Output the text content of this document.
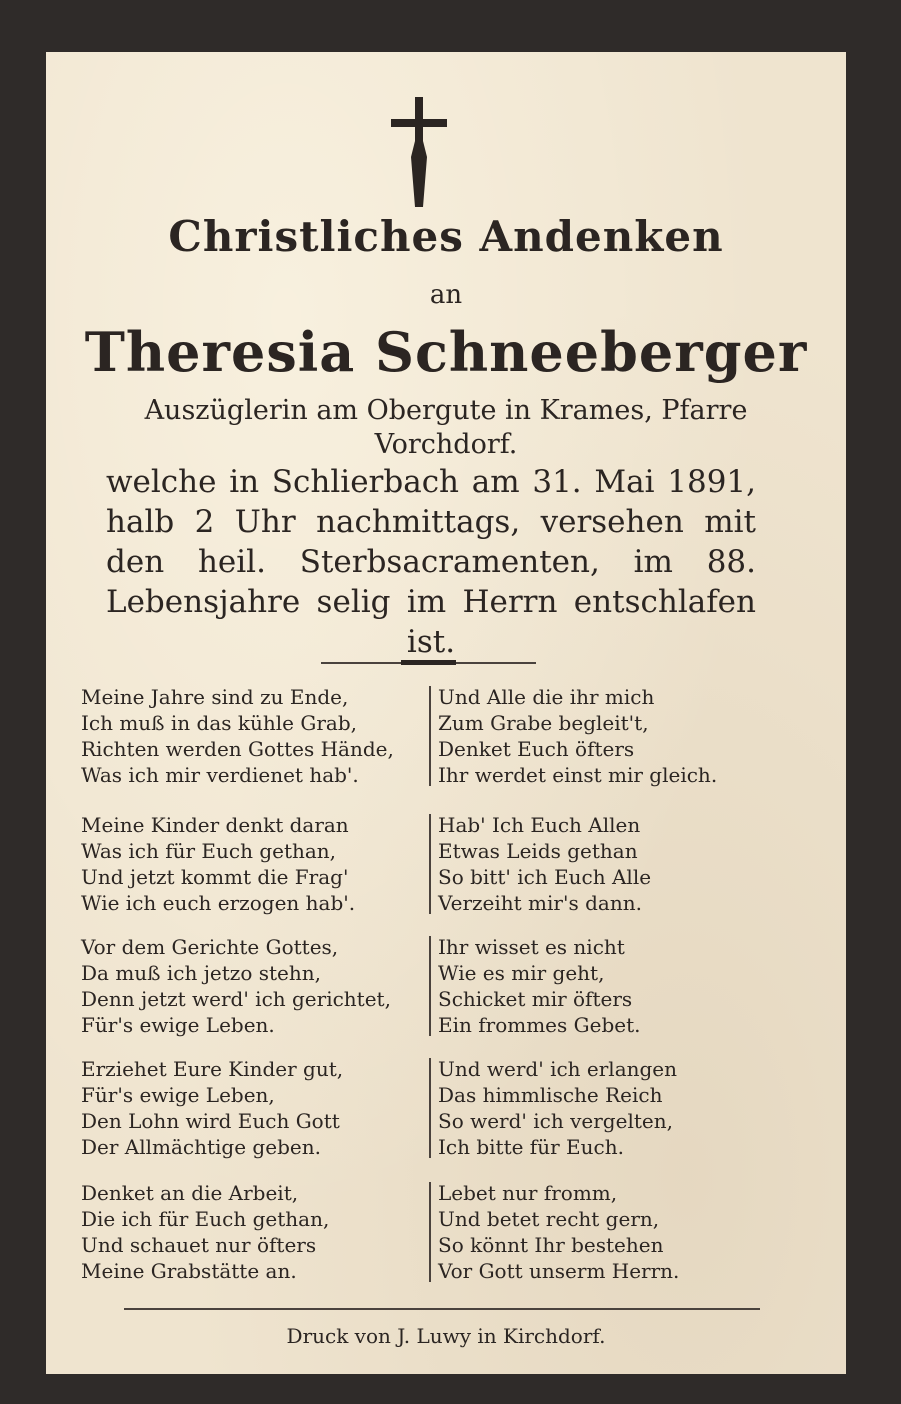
Christliches Andenken
an
Theresia Schneeberger
Auszüglerin am Obergute in Krames, Pfarre
Vorchdorf.
welche in Schlierbach am 31. Mai 1891, halb 2 Uhr nachmittags, versehen mit den heil. Sterbsacramenten, im 88. Lebensjahre selig im Herrn entschlafen ist.
Meine Jahre sind zu Ende,
Ich muß in das kühle Grab,
Richten werden Gottes Hände,
Was ich mir verdienet hab'.
Meine Kinder denkt daran
Was ich für Euch gethan,
Und jetzt kommt die Frag'
Wie ich euch erzogen hab'.
Vor dem Gerichte Gottes,
Da muß ich jetzo stehn,
Denn jetzt werd' ich gerichtet,
Für's ewige Leben.
Erziehet Eure Kinder gut,
Für's ewige Leben,
Den Lohn wird Euch Gott
Der Allmächtige geben.
Denket an die Arbeit,
Die ich für Euch gethan,
Und schauet nur öfters
Meine Grabstätte an.
Und Alle die ihr mich
Zum Grabe begleit't,
Denket Euch öfters
Ihr werdet einst mir gleich.
Hab' Ich Euch Allen
Etwas Leids gethan
So bitt' ich Euch Alle
Verzeiht mir's dann.
Ihr wisset es nicht
Wie es mir geht,
Schicket mir öfters
Ein frommes Gebet.
Und werd' ich erlangen
Das himmlische Reich
So werd' ich vergelten,
Ich bitte für Euch.
Lebet nur fromm,
Und betet recht gern,
So könnt Ihr bestehen
Vor Gott unserm Herrn.
Druck von J. Luwy in Kirchdorf.
